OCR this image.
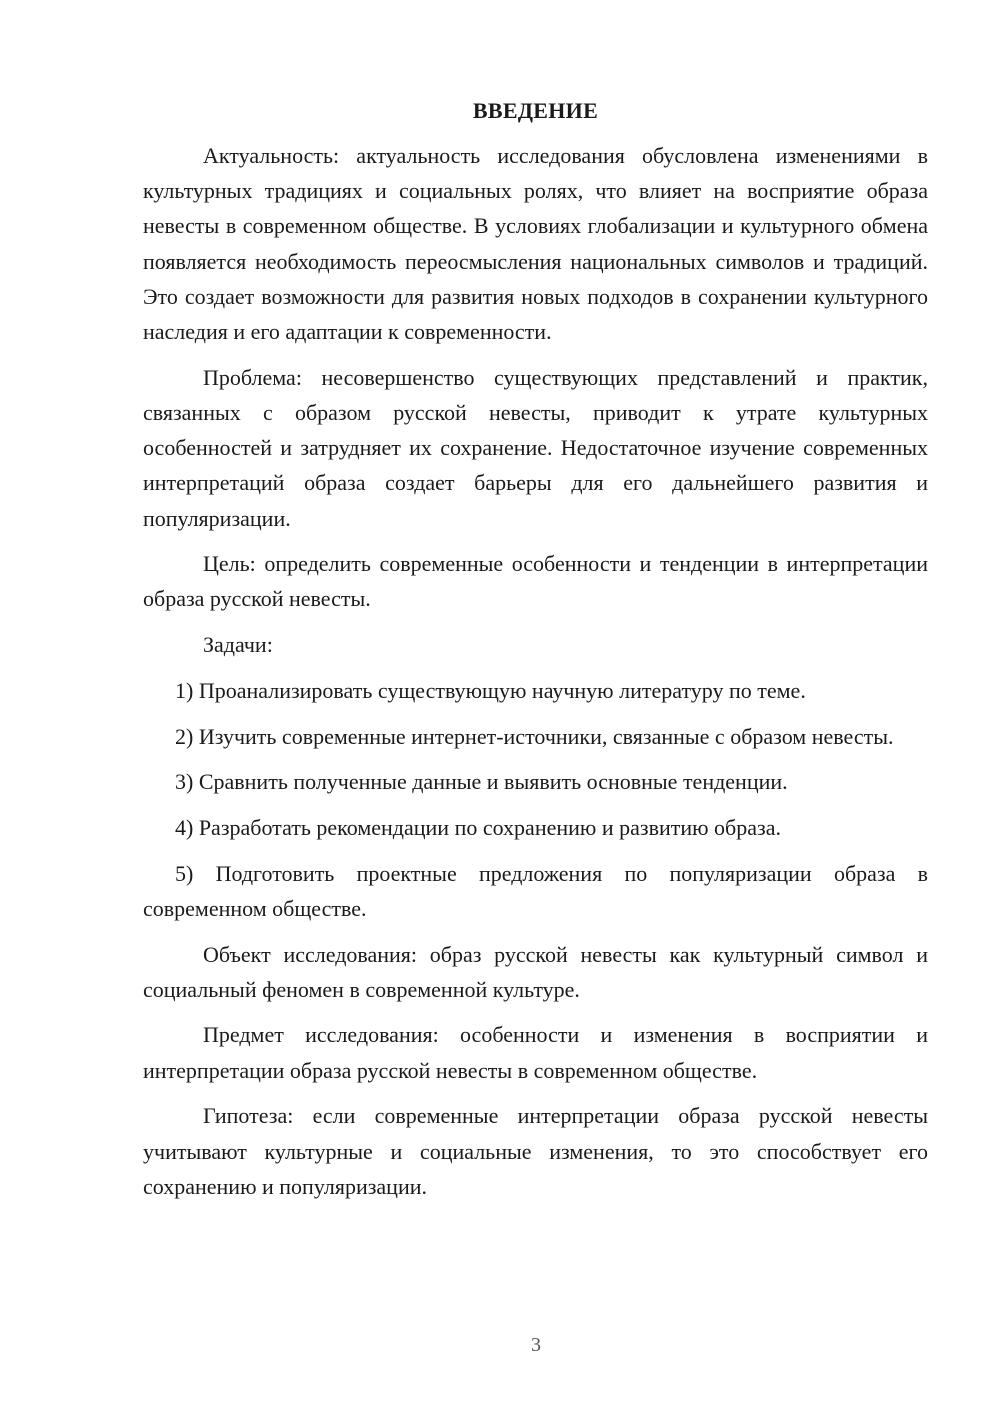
ВВЕДЕНИЕ

Актуальность: актуальность исследования обусловлена изменениями в культурных традициях и социальных ролях, что влияет на восприятие образа невесты в современном обществе. В условиях глобализации и культурного обмена появляется необходимость переосмысления национальных символов и традиций. Это создает возможности для развития новых подходов в сохранении культурного наследия и его адаптации к современности.

Проблема: несовершенство существующих представлений и практик, связанных с образом русской невесты, приводит к утрате культурных особенностей и затрудняет их сохранение. Недостаточное изучение современных интерпретаций образа создает барьеры для его дальнейшего развития и популяризации.

Цель: определить современные особенности и тенденции в интерпретации образа русской невесты.

Задачи:

1) Проанализировать существующую научную литературу по теме.

2) Изучить современные интернет-источники, связанные с образом невесты.

3) Сравнить полученные данные и выявить основные тенденции.

4) Разработать рекомендации по сохранению и развитию образа.

5) Подготовить проектные предложения по популяризации образа в современном обществе.

Объект исследования: образ русской невесты как культурный символ и социальный феномен в современной культуре.

Предмет исследования: особенности и изменения в восприятии и интерпретации образа русской невесты в современном обществе.

Гипотеза: если современные интерпретации образа русской невесты учитывают культурные и социальные изменения, то это способствует его сохранению и популяризации.

3
